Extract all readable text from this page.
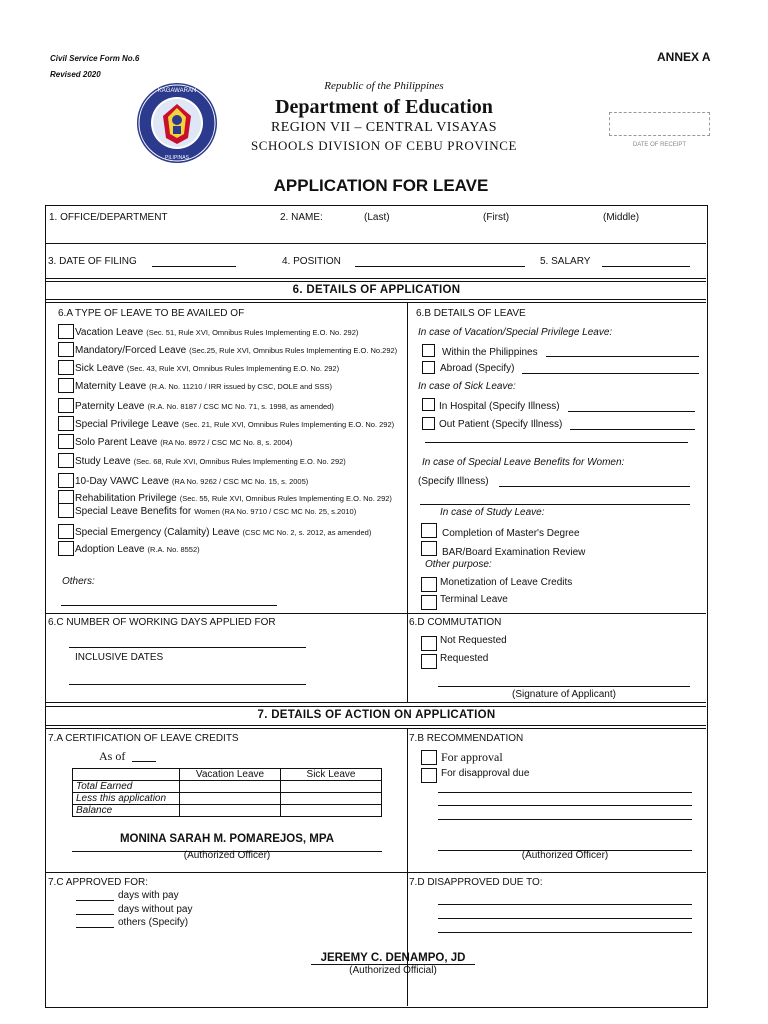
Civil Service Form No.6
Revised 2020
ANNEX A
KAGAWARAN
PILIPINAS
Republic of the Philippines
Department of Education
REGION VII – CENTRAL VISAYAS
SCHOOLS DIVISION OF CEBU PROVINCE	DATE OF RECEIPT
APPLICATION FOR LEAVE
1. OFFICE/DEPARTMENT	2. NAME:	(Last)	(First)	(Middle)
3. DATE OF FILING	4. POSITION	5. SALARY
6. DETAILS OF APPLICATION
6.A TYPE OF LEAVE TO BE AVAILED OF
Vacation Leave (Sec. 51, Rule XVI, Omnibus Rules Implementing E.O. No. 292)
Mandatory/Forced Leave (Sec.25, Rule XVI, Omnibus Rules Implementing E.O. No.292)
Sick Leave (Sec. 43, Rule XVI, Omnibus Rules Implementing E.O. No. 292)
Maternity Leave (R.A. No. 11210 / IRR issued by CSC, DOLE and SSS)
Paternity Leave (R.A. No. 8187 / CSC MC No. 71, s. 1998, as amended)
Special Privilege Leave (Sec. 21, Rule XVI, Omnibus Rules Implementing E.O. No. 292)
Solo Parent Leave (RA No. 8972 / CSC MC No. 8, s. 2004)
Study Leave (Sec. 68, Rule XVI, Omnibus Rules Implementing E.O. No. 292)
10-Day VAWC Leave (RA No. 9262 / CSC MC No. 15, s. 2005)
Rehabilitation Privilege (Sec. 55, Rule XVI, Omnibus Rules Implementing E.O. No. 292)
Special Leave Benefits for Women (RA No. 9710 / CSC MC No. 25, s.2010)
Special Emergency (Calamity) Leave (CSC MC No. 2, s. 2012, as amended)
Adoption Leave (R.A. No. 8552)
Others:
6.B DETAILS OF LEAVE
In case of Vacation/Special Privilege Leave:
Within the Philippines
Abroad (Specify)
In case of Sick Leave:
In Hospital (Specify Illness)
Out Patient (Specify Illness)
In case of Special Leave Benefits for Women:
(Specify Illness)
In case of Study Leave:
Completion of Master's Degree
BAR/Board Examination Review
Other purpose:
Monetization of Leave Credits
Terminal Leave
6.C NUMBER OF WORKING DAYS APPLIED FOR
INCLUSIVE DATES
6.D COMMUTATION
Not Requested
Requested
(Signature of Applicant)
7. DETAILS OF ACTION ON APPLICATION
7.A CERTIFICATION OF LEAVE CREDITS
As of
	Vacation Leave	Sick Leave
Total Earned		
Less this application		
Balance		
MONINA SARAH M. POMAREJOS, MPA
(Authorized Officer)
7.B RECOMMENDATION
For approval
For disapproval due
(Authorized Officer)
7.C APPROVED FOR:
days with pay
days without pay
others (Specify)
7.D DISAPPROVED DUE TO:
JEREMY C. DENAMPO, JD
(Authorized Official)
